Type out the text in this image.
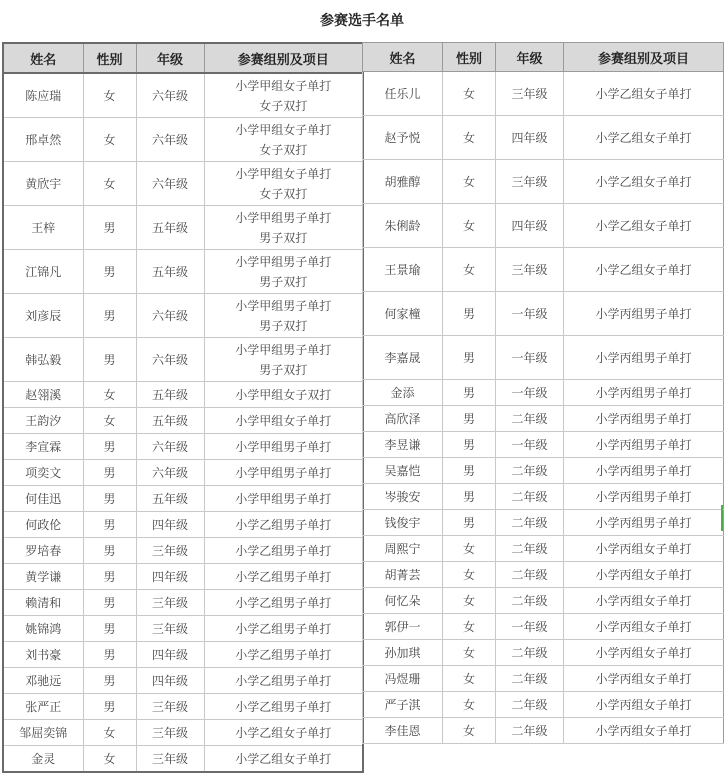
参赛选手名单
姓名	性别	年级	参赛组别及项目
陈应瑞	女	六年级	小学甲组女子单打
女子双打

邢卓然	女	六年级	小学甲组女子单打
女子双打

黄欣宇	女	六年级	小学甲组女子单打
女子双打

王梓	男	五年级	小学甲组男子单打
男子双打

江锦凡	男	五年级	小学甲组男子单打
男子双打

刘彦辰	男	六年级	小学甲组男子单打
男子双打

韩弘毅	男	六年级	小学甲组男子单打
男子双打

赵翎溪	女	五年级	小学甲组女子双打

王韵汐	女	五年级	小学甲组女子单打

李宣霖	男	六年级	小学甲组男子单打

项奕文	男	六年级	小学甲组男子单打

何佳迅	男	五年级	小学甲组男子单打

何政伦	男	四年级	小学乙组男子单打

罗培春	男	三年级	小学乙组男子单打

黄学谦	男	四年级	小学乙组男子单打

赖清和	男	三年级	小学乙组男子单打

姚锦鸿	男	三年级	小学乙组男子单打

刘书豪	男	四年级	小学乙组男子单打

邓驰远	男	四年级	小学乙组男子单打

张严正	男	三年级	小学乙组男子单打

邹屈奕锦	女	三年级	小学乙组女子单打

金灵	女	三年级	小学乙组女子单打
姓名	性别	年级	参赛组别及项目
任乐儿	女	三年级	小学乙组女子单打

赵予悦	女	四年级	小学乙组女子单打

胡雅醇	女	三年级	小学乙组女子单打

朱俐龄	女	四年级	小学乙组女子单打

王景瑜	女	三年级	小学乙组女子单打

何家橦	男	一年级	小学丙组男子单打

李嘉晟	男	一年级	小学丙组男子单打

金添	男	一年级	小学丙组男子单打

高欣泽	男	二年级	小学丙组男子单打

李昱谦	男	一年级	小学丙组男子单打

吴嘉恺	男	二年级	小学丙组男子单打

岑骏安	男	二年级	小学丙组男子单打

钱俊宇	男	二年级	小学丙组男子单打

周熙宁	女	二年级	小学丙组女子单打

胡菁芸	女	二年级	小学丙组女子单打

何忆朵	女	二年级	小学丙组女子单打

郭伊一	女	一年级	小学丙组女子单打

孙加琪	女	二年级	小学丙组女子单打

冯煜珊	女	二年级	小学丙组女子单打

严子淇	女	二年级	小学丙组女子单打

李佳恩	女	二年级	小学丙组女子单打
